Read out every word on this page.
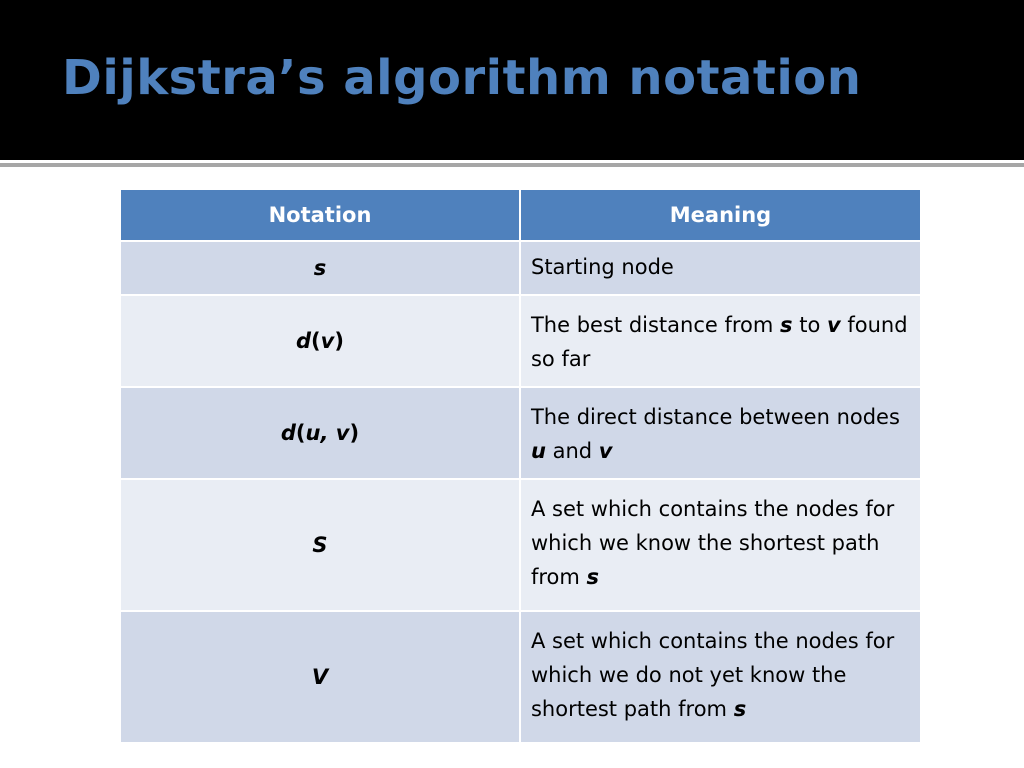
Dijkstra’s algorithm notation
Notation	Meaning
s	Starting node
d(v)	The best distance from s to v found so far
d(u, v)	The direct distance between nodes u and v
S	A set which contains the nodes for which we know the shortest path from s
V	A set which contains the nodes for which we do not yet know the shortest path from s
